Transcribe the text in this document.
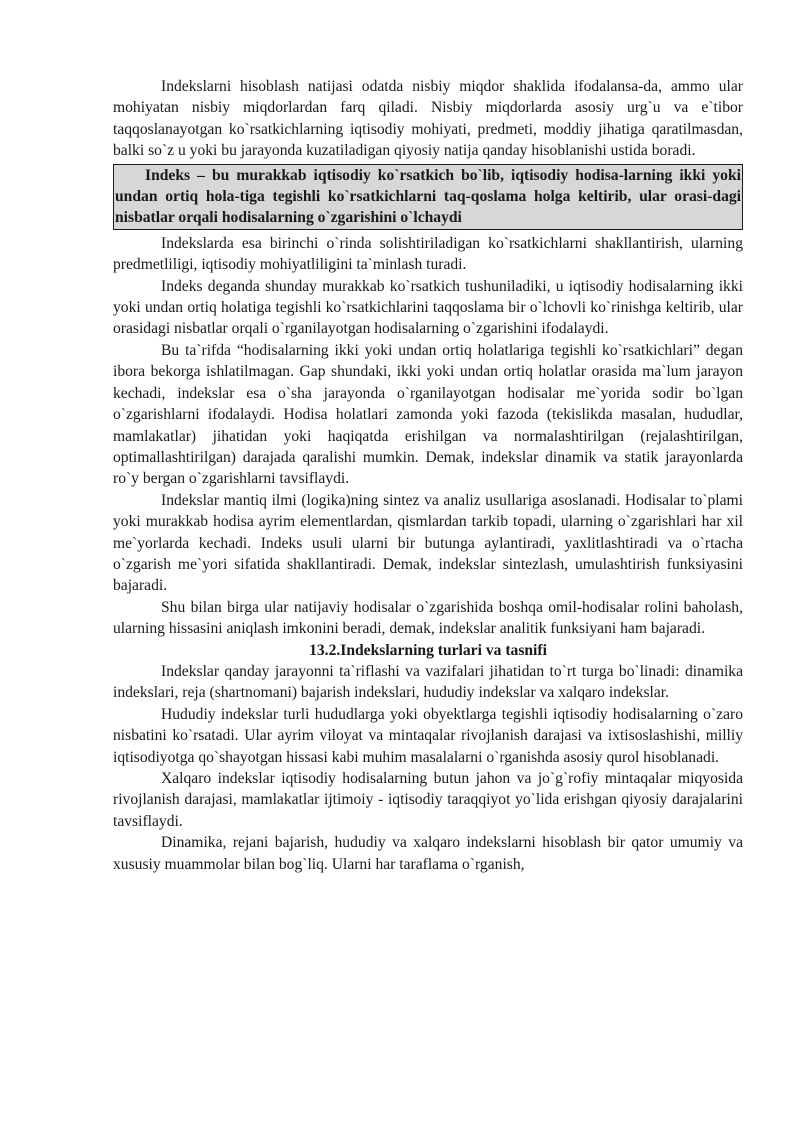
Indekslarni hisoblash natijasi odatda nisbiy miqdor shaklida ifodalansa-da, ammo ular mohiyatan nisbiy miqdorlardan farq qiladi. Nisbiy miqdorlarda asosiy urg`u va e`tibor taqqoslanayotgan ko`rsatkichlarning iqtisodiy mohiyati, predmeti, moddiy jihatiga qaratilmasdan, balki so`z u yoki bu jarayonda kuzatiladigan qiyosiy natija qanday hisoblanishi ustida boradi.

Indeks – bu murakkab iqtisodiy ko`rsatkich bo`lib, iqtisodiy hodisa-larning ikki yoki undan ortiq hola-tiga tegishli ko`rsatkichlarni taq-qoslama holga keltirib, ular orasi-dagi nisbatlar orqali hodisalarning o`zgarishini o`lchaydi

Indekslarda esa birinchi o`rinda solishtiriladigan ko`rsatkichlarni shakllantirish, ularning predmetliligi, iqtisodiy mohiyatliligini ta`minlash turadi.

Indeks deganda shunday murakkab ko`rsatkich tushuniladiki, u iqtisodiy hodisalarning ikki yoki undan ortiq holatiga tegishli ko`rsatkichlarini taqqoslama bir o`lchovli ko`rinishga keltirib, ular orasidagi nisbatlar orqali o`rganilayotgan hodisalarning o`zgarishini ifodalaydi.

Bu ta`rifda “hodisalarning ikki yoki undan ortiq holatlariga tegishli ko`rsatkichlari” degan ibora bekorga ishlatilmagan. Gap shundaki, ikki yoki undan ortiq holatlar orasida ma`lum jarayon kechadi, indekslar esa o`sha jarayonda o`rganilayotgan hodisalar me`yorida sodir bo`lgan o`zgarishlarni ifodalaydi. Hodisa holatlari zamonda yoki fazoda (tekislikda masalan, hududlar, mamlakatlar) jihatidan yoki haqiqatda erishilgan va normalashtirilgan (rejalashtirilgan, optimallashtirilgan) darajada qaralishi mumkin. Demak, indekslar dinamik va statik jarayonlarda ro`y bergan o`zgarishlarni tavsiflaydi.

Indekslar mantiq ilmi (logika)ning sintez va analiz usullariga asoslanadi. Hodisalar to`plami yoki murakkab hodisa ayrim elementlardan, qismlardan tarkib topadi, ularning o`zgarishlari har xil me`yorlarda kechadi. Indeks usuli ularni bir butunga aylantiradi, yaxlitlashtiradi va o`rtacha o`zgarish me`yori sifatida shakllantiradi. Demak, indekslar sintezlash, umulashtirish funksiyasini bajaradi.

Shu bilan birga ular natijaviy hodisalar o`zgarishida boshqa omil-hodisalar rolini baholash, ularning hissasini aniqlash imkonini beradi, demak, indekslar analitik funksiyani ham bajaradi.

13.2.Indekslarning turlari va tasnifi

Indekslar qanday jarayonni ta`riflashi va vazifalari jihatidan to`rt turga bo`linadi: dinamika indekslari, reja (shartnomani) bajarish indekslari, hududiy indekslar va xalqaro indekslar.

Hududiy indekslar turli hududlarga yoki obyektlarga tegishli iqtisodiy hodisalarning o`zaro nisbatini ko`rsatadi. Ular ayrim viloyat va mintaqalar rivojlanish darajasi va ixtisoslashishi, milliy iqtisodiyotga qo`shayotgan hissasi kabi muhim masalalarni o`rganishda asosiy qurol hisoblanadi.

Xalqaro indekslar iqtisodiy hodisalarning butun jahon va jo`g`rofiy mintaqalar miqyosida rivojlanish darajasi, mamlakatlar ijtimoiy - iqtisodiy taraqqiyot yo`lida erishgan qiyosiy darajalarini tavsiflaydi.

Dinamika, rejani bajarish, hududiy va xalqaro indekslarni hisoblash bir qator umumiy va xususiy muammolar bilan bog`liq. Ularni har taraflama o`rganish,
